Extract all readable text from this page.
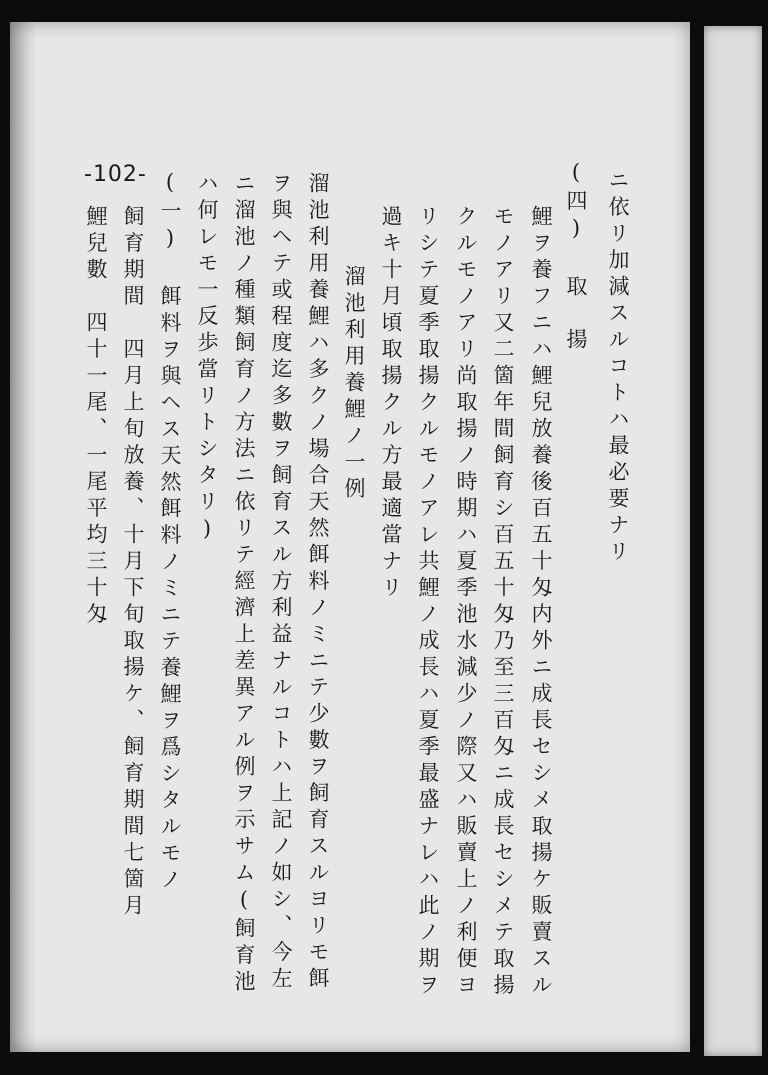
-102-	ニ依リ加減スルコトハ最必要ナリ
(四) 取　揚
鯉ヲ養フニハ鯉兒放養後百五十匁内外ニ成長セシメ取揚ケ販賣スル
モノアリ又二箇年間飼育シ百五十匁乃至三百匁ニ成長セシメテ取揚
クルモノアリ尚取揚ノ時期ハ夏季池水減少ノ際又ハ販賣上ノ利便ヨ
リシテ夏季取揚クルモノアレ共鯉ノ成長ハ夏季最盛ナレハ此ノ期ヲ
過キ十月頃取揚クル方最適當ナリ
溜池利用養鯉ノ一例
溜池利用養鯉ハ多クノ場合天然餌料ノミニテ少數ヲ飼育スルヨリモ餌
ヲ與ヘテ或程度迄多數ヲ飼育スル方利益ナルコトハ上記ノ如シ、今左
ニ溜池ノ種類飼育ノ方法ニ依リテ經濟上差異アル例ヲ示サム(飼育池
ハ何レモ一反歩當リトシタリ)
(一) 餌料ヲ與ヘス天然餌料ノミニテ養鯉ヲ爲シタルモノ
飼育期間　四月上旬放養、十月下旬取揚ケ、飼育期間七箇月
鯉兒數　四十一尾、一尾平均三十匁
